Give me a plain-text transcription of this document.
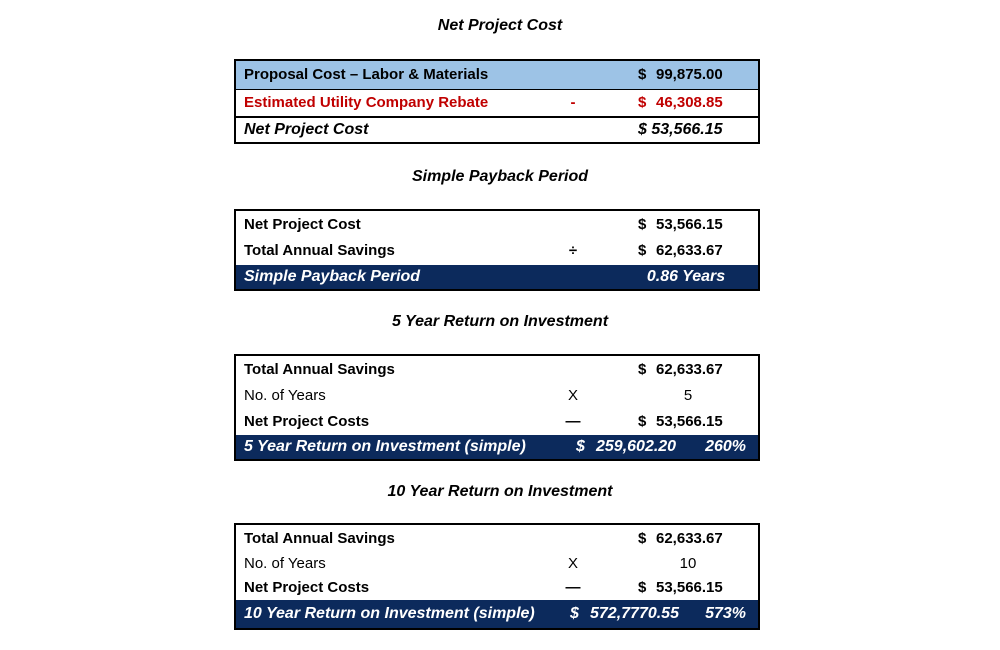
Net Project Cost
Proposal Cost – Labor & Materials	$ 99,875.00
Estimated Utility Company Rebate	-	$ 46,308.85
Net Project Cost	$ 53,566.15
Simple Payback Period
Net Project Cost	$ 53,566.15
Total Annual Savings	÷	$ 62,633.67
Simple Payback Period	0.86 Years
5 Year Return on Investment
Total Annual Savings	$ 62,633.67
No. of Years	X	5
Net Project Costs	—	$ 53,566.15
5 Year Return on Investment (simple)	$ 259,602.20 260%
10 Year Return on Investment
Total Annual Savings	$ 62,633.67
No. of Years	X	10
Net Project Costs	—	$ 53,566.15
10 Year Return on Investment (simple) $ 572,7770.55 573%
